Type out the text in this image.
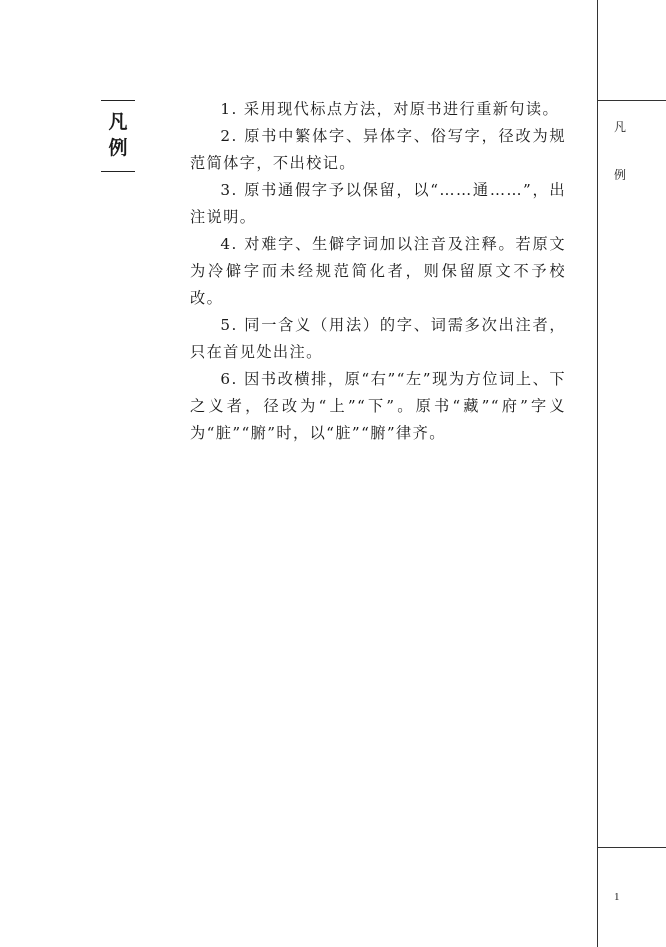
凡
例

1. 采用现代标点方法，对原书进行重新句读。

2. 原书中繁体字、异体字、俗写字，径改为规范简体字，不出校记。

3. 原书通假字予以保留，以“……通……”，出注说明。

4. 对难字、生僻字词加以注音及注释。若原文为冷僻字而未经规范简化者，则保留原文不予校改。

5. 同一含义（用法）的字、词需多次出注者，只在首见处出注。

6. 因书改横排，原“右”“左”现为方位词上、下之义者，径改为“上”“下”。原书“藏”“府”字义为“脏”“腑”时，以“脏”“腑”律齐。

凡
例
1
